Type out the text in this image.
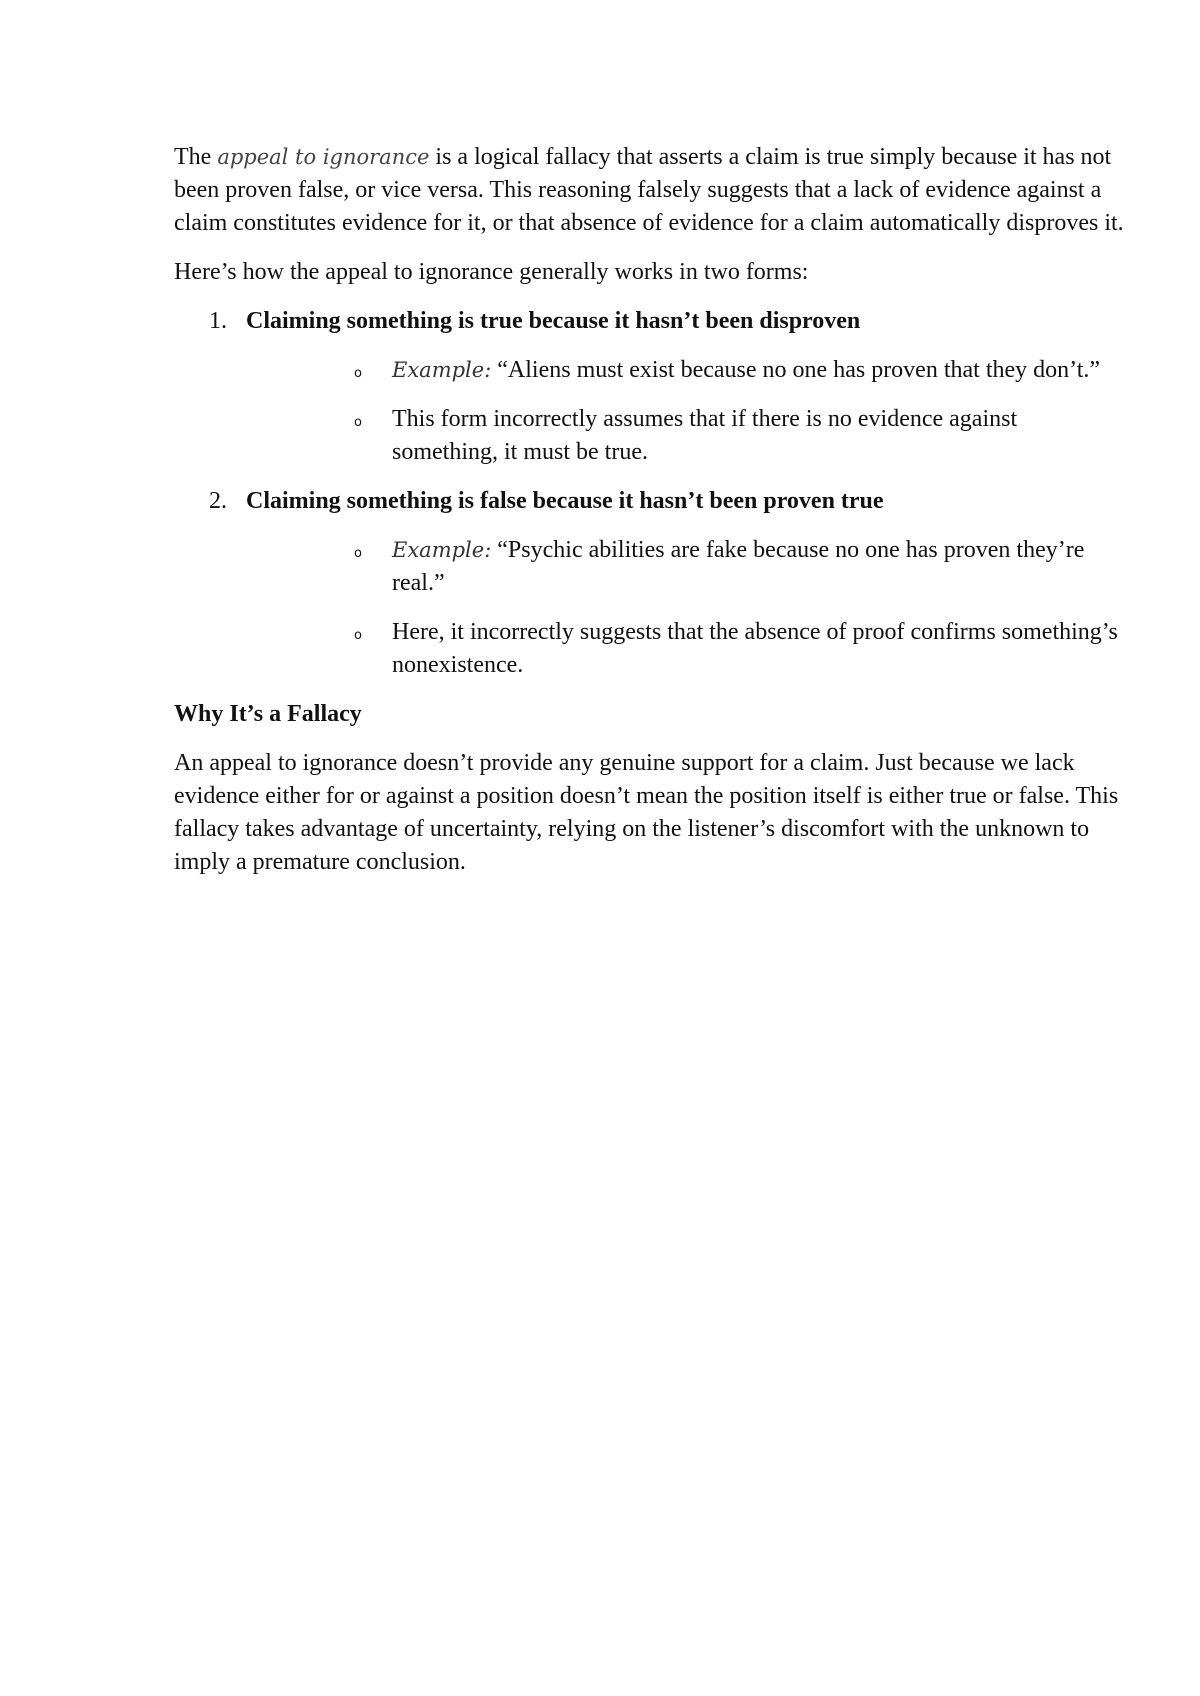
The appeal to ignorance is a logical fallacy that asserts a claim is true simply because it has not been proven false, or vice versa. This reasoning falsely suggests that a lack of evidence against a claim constitutes evidence for it, or that absence of evidence for a claim automatically disproves it.

Here’s how the appeal to ignorance generally works in two forms:

1. Claiming something is true because it hasn’t been disproven
o Example: “Aliens must exist because no one has proven that they don’t.”
o This form incorrectly assumes that if there is no evidence against something, it must be true.
2. Claiming something is false because it hasn’t been proven true
o Example: “Psychic abilities are fake because no one has proven they’re real.”
o Here, it incorrectly suggests that the absence of proof confirms something’s nonexistence.

Why It’s a Fallacy

An appeal to ignorance doesn’t provide any genuine support for a claim. Just because we lack evidence either for or against a position doesn’t mean the position itself is either true or false. This fallacy takes advantage of uncertainty, relying on the listener’s discomfort with the unknown to imply a premature conclusion.
